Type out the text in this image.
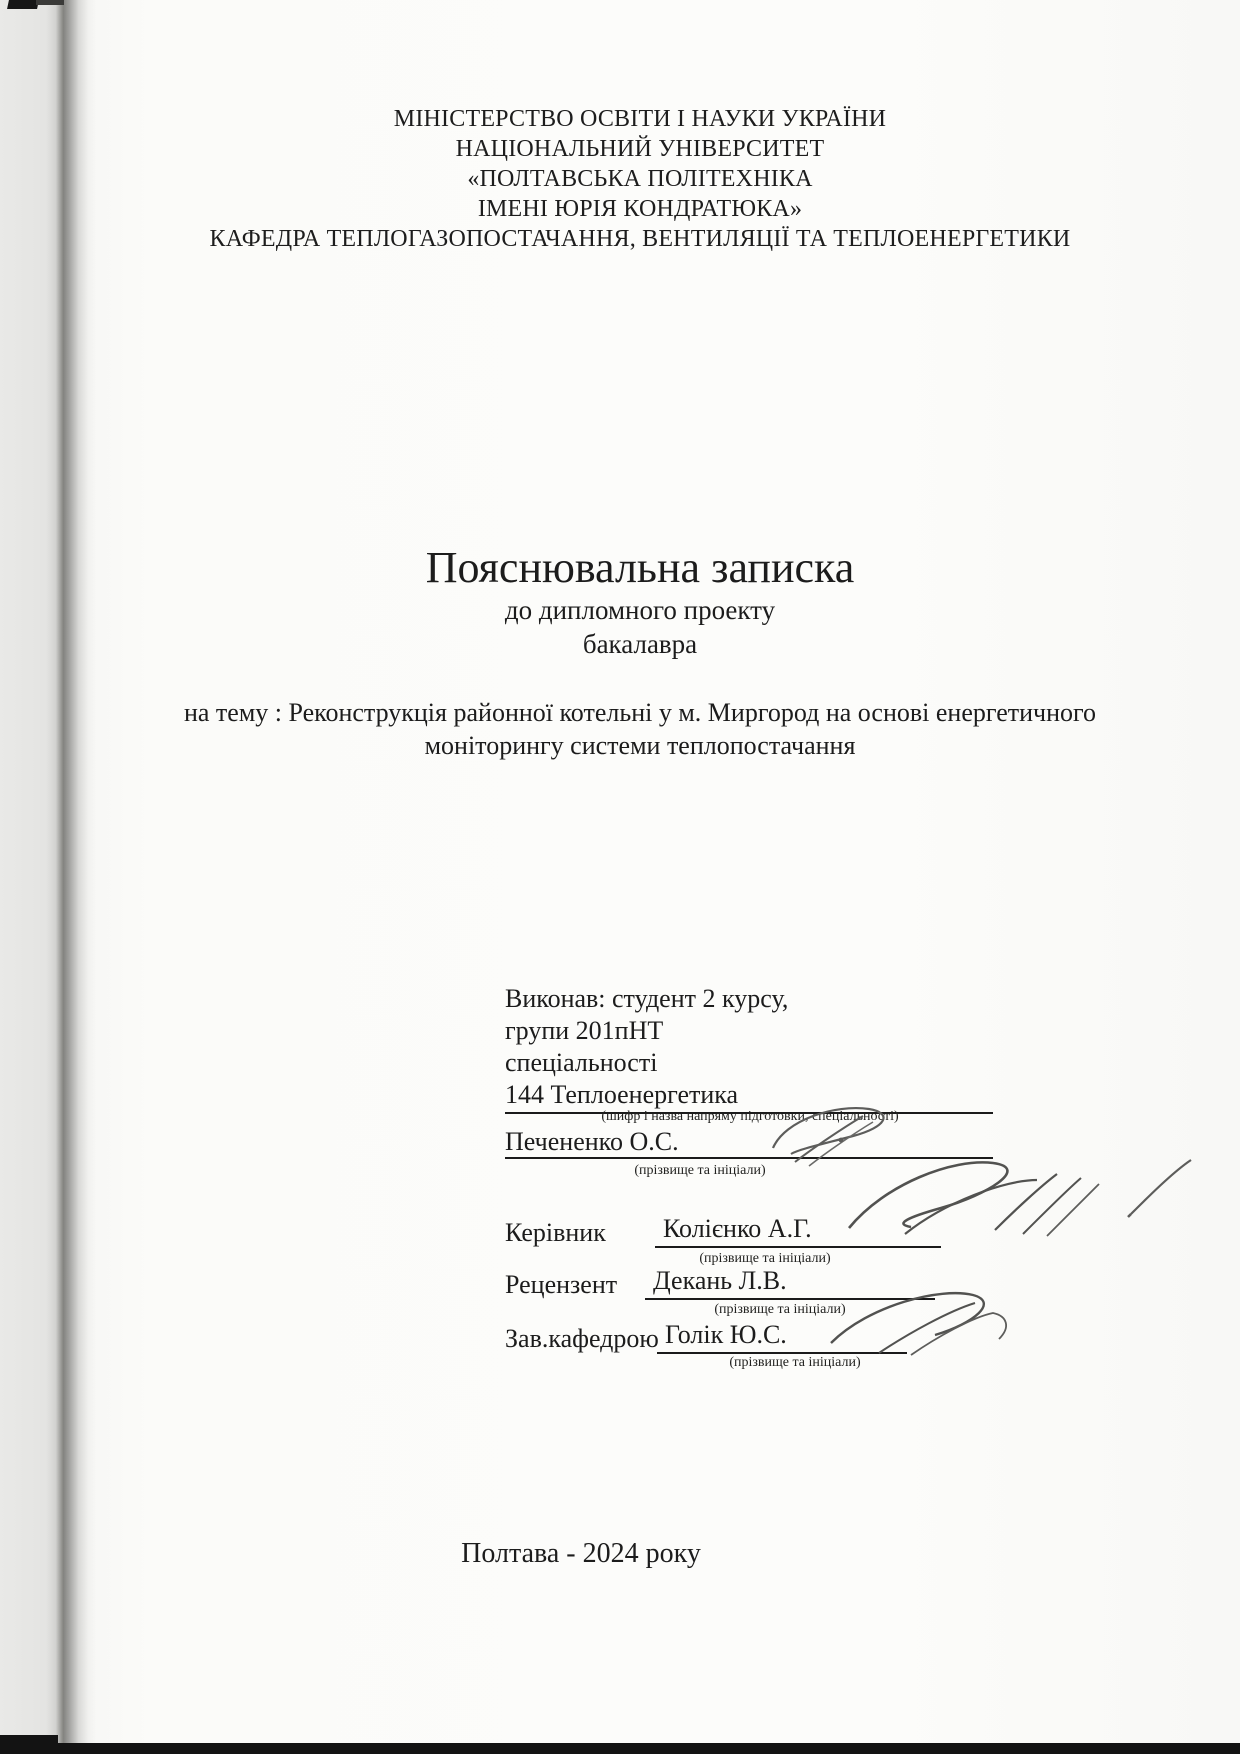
МІНІСТЕРСТВО ОСВІТИ І НАУКИ УКРАЇНИ
НАЦІОНАЛЬНИЙ УНІВЕРСИТЕТ
«ПОЛТАВСЬКА ПОЛІТЕХНІКА
ІМЕНІ ЮРІЯ КОНДРАТЮКА»
КАФЕДРА ТЕПЛОГАЗОПОСТАЧАННЯ, ВЕНТИЛЯЦІЇ ТА ТЕПЛОЕНЕРГЕТИКИ
Пояснювальна записка
до дипломного проекту
бакалавра
на тему : Реконструкція районної котельні у м. Миргород на основі енергетичного
моніторингу системи теплопостачання
Виконав: студент 2 курсу,
групи 201пНТ
спеціальності
144 Теплоенергетика
(шифр і назва напряму підготовки, спеціальності)
Печененко О.С.
(прізвище та ініціали)
Керівник Колієнко А.Г.
(прізвище та ініціали)
Рецензент Декань Л.В.
(прізвище та ініціали)
Зав.кафедрою Голік Ю.С.
(прізвище та ініціали)
Полтава - 2024 року
